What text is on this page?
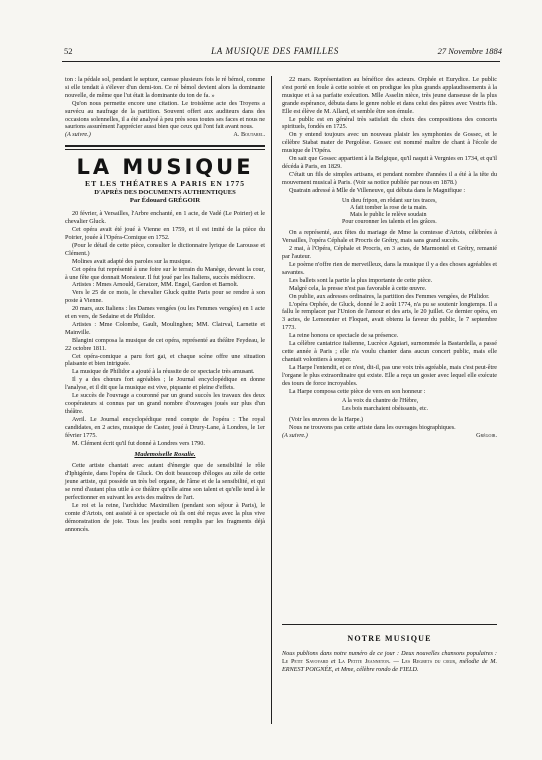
52	LA MUSIQUE DES FAMILLES	27 Novembre 1884

ton : la pédale sol, pendant le septuor, caresse plusieurs fois le ré bémol, comme si elle tendait à s'élever d'un demi-ton. Ce ré bémol devient alors la dominante nouvelle, de même que l'ut était la dominante du ton de fa. »

Qu'on nous permette encore une citation. Le troisième acte des Troyens a survécu au naufrage de la partition. Souvent offert aux auditeurs dans des occasions solennelles, il a été analysé à peu près sous toutes ses faces et nous ne saurions assurément l'apprécier aussi bien que ceux qui l'ont fait avant nous.

(A suivre.)	A. Boutarel.
LA MUSIQUE
ET LES THÉATRES A PARIS EN 1775
D'APRÈS DES DOCUMENTS AUTHENTIQUES
Par Édouard GRÉGOIR

20 février, à Versailles, l'Arbre enchanté, en 1 acte, de Vadé (Le Poirier) et le chevalier Gluck.

Cet opéra avait été joué à Vienne en 1759, et il est imité de la pièce du Poirier, jouée à l'Opéra-Comique en 1752.

(Pour le détail de cette pièce, consulter le dictionnaire lyrique de Larousse et Clément.)

Molines avait adapté des paroles sur la musique.

Cet opéra fut représenté à une foire sur le terrain du Manège, devant la cour, à une fête que donnait Monsieur. Il fut joué par les Italiens, succès médiocre.

Artistes : Mmes Arnould, Geraizer, MM. Engel, Gardon et Barnolt.

Vers le 25 de ce mois, le chevalier Gluck quitte Paris pour se rendre à son poste à Vienne.

20 mars, aux Italiens : les Dames vengées (ou les Femmes vengées) en 1 acte et en vers, de Sedaine et de Philidor.

Artistes : Mme Colombe, Gault, Moulinghen; MM. Clairval, Larnette et Mainville.

Blangini composa la musique de cet opéra, représenté au théâtre Feydeau, le 22 octobre 1811.

Cet opéra-comique a paru fort gai, et chaque scène offre une situation plaisante et bien intriguée.

La musique de Philidor a ajouté à la réussite de ce spectacle très amusant.

Il y a des chœurs fort agréables ; le Journal encyclopédique en donne l'analyse, et il dit que la musique est vive, piquante et pleine d'effets.

Le succès de l'ouvrage a couronné par un grand succès les travaux des deux coopérateurs si connus par un grand nombre d'ouvrages joués sur plus d'un théâtre.

Avril. Le Journal encyclopédique rend compte de l'opéra : The royal candidates, en 2 actes, musique de Caster, joué à Drury-Lane, à Londres, le 1er février 1775.

M. Clément écrit qu'il fut donné à Londres vers 1790.

Mademoiselle Rosalie.

Cette artiste chantait avec autant d'énergie que de sensibilité le rôle d'Iphigénie, dans l'opéra de Gluck. On doit beaucoup d'éloges au zèle de cette jeune artiste, qui possède un très bel organe, de l'âme et de la sensibilité, et qui se rend d'autant plus utile à ce théâtre qu'elle aime son talent et qu'elle tend à le perfectionner en suivant les avis des maîtres de l'art.

Le roi et la reine, l'archiduc Maximilien (pendant son séjour à Paris), le comte d'Artois, ont assisté à ce spectacle où ils ont été reçus avec la plus vive démonstration de joie. Tous les jeudis sont remplis par les fragments déjà annoncés.

22 mars. Représentation au bénéfice des acteurs. Orphée et Eurydice. Le public s'est porté en foule à cette soirée et on prodigue les plus grands applaudissements à la musique et à sa parfaite exécution. Mlle Asselin nièce, très jeune danseuse de la plus grande espérance, débuta dans le genre noble et dans celui des pâtres avec Vestris fils. Elle est élève de M. Allard, et semble être son émule.

Le public est en général très satisfait du choix des compositions des concerts spirituels, fondés en 1725.

On y entend toujours avec un nouveau plaisir les symphonies de Gossec, et le célèbre Stabat mater de Pergolèse. Gossec est nommé maître de chant à l'école de musique de l'Opéra.

On sait que Gossec appartient à la Belgique, qu'il naquit à Vergnies en 1734, et qu'il décéda à Paris, en 1829.

C'était un fils de simples artisans, et pendant nombre d'années il a été à la tête du mouvement musical à Paris. (Voir sa notice publiée par nous en 1878.)

Quatrain adressé à Mlle de Villeneuve, qui débuta dans le Magnifique :

Un dieu fripon, en rôdant sur tes traces,
A fait tomber la rose de ta main.
Mais le public le relève soudain
Pour couronner les talents et les grâces.

On a représenté, aux fêtes du mariage de Mme la comtesse d'Artois, célébrées à Versailles, l'opéra Céphale et Procris de Grétry, mais sans grand succès.

2 mai, à l'Opéra, Céphale et Procris, en 3 actes, de Marmontel et Grétry, remanié par l'auteur.

Le poème n'offre rien de merveilleux, dans la musique il y a des choses agréables et savantes.

Les ballets sont la partie la plus importante de cette pièce.

Malgré cela, la presse n'est pas favorable à cette œuvre.

On publie, aux adresses ordinaires, la partition des Femmes vengées, de Philidor.

L'opéra Orphée, de Gluck, donné le 2 août 1774, n'a pu se soutenir longtemps. Il a fallu le remplacer par l'Union de l'amour et des arts, le 20 juillet. Ce dernier opéra, en 3 actes, de Lemonnier et Floquet, avait obtenu la faveur du public, le 7 septembre 1773.

La reine honora ce spectacle de sa présence.

La célèbre cantatrice italienne, Lucrèce Aguiari, surnommée la Bastardella, a passé cette année à Paris ; elle n'a voulu chanter dans aucun concert public, mais elle chantait volontiers à souper.

La Harpe l'entendit, et ce n'est, dit-il, pas une voix très agréable, mais c'est peut-être l'organe le plus extraordinaire qui existe. Elle a reçu un gosier avec lequel elle exécute des tours de force incroyables.

La Harpe composa cette pièce de vers en son honneur :

A la voix du chantre de l'Hèbre,
Les bois marchaient obéissants, etc.

(Voir les œuvres de la Harpe.)

Nous ne trouvons pas cette artiste dans les ouvrages biographiques.

(A suivre.)	Grégoir.
NOTRE MUSIQUE
Nous publions dans notre numéro de ce jour : Deux nouvelles chansons populaires : Le Petit Savoyard et La Petite Jeanneton. — Les Regrets du cœur, mélodie de M. ERNEST POIGNÉE, et Mme, célèbre rondo de FIELD.
